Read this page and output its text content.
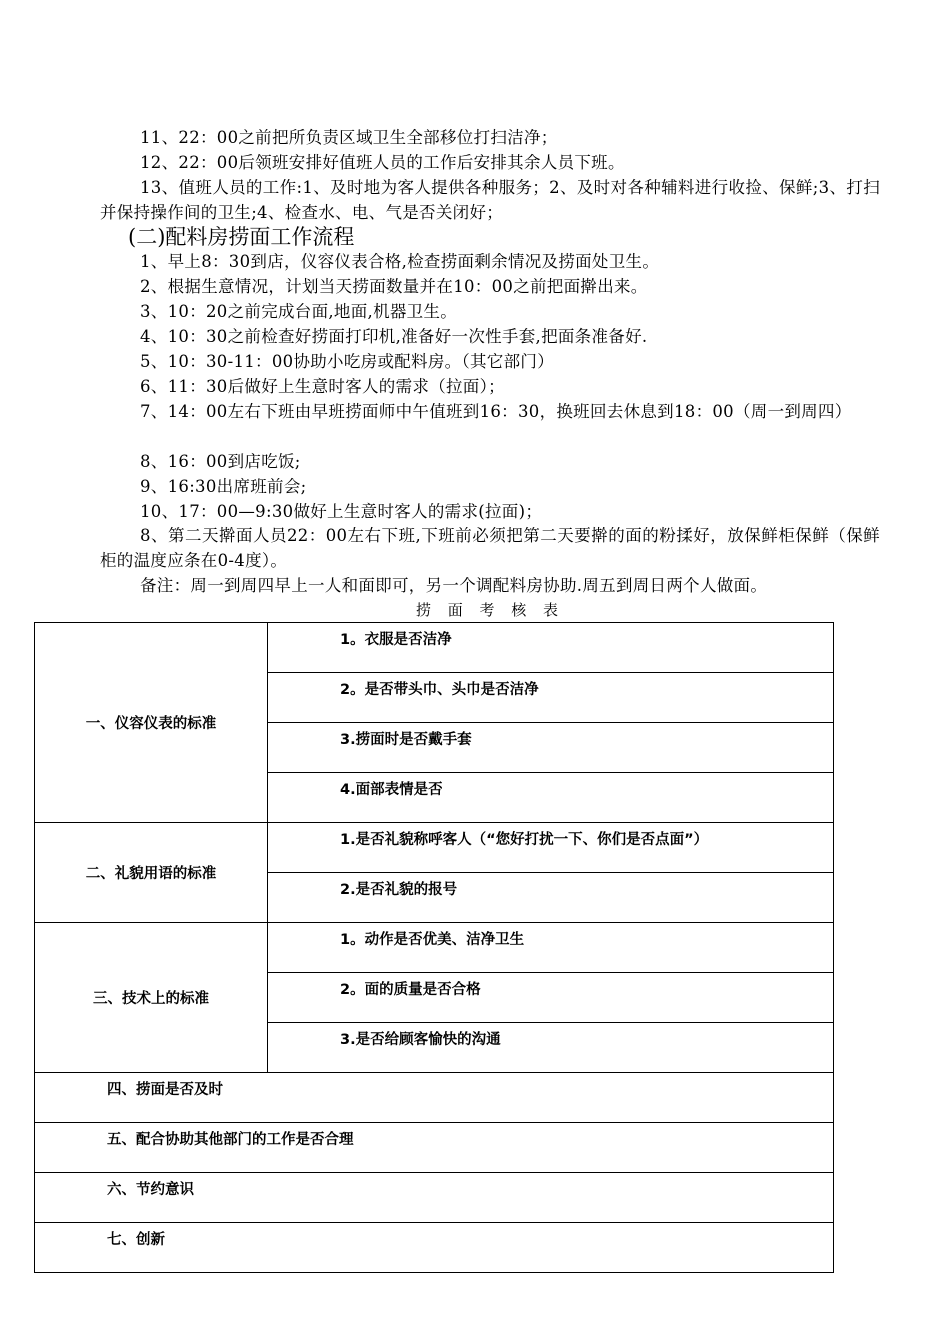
11、22：00之前把所负责区域卫生全部移位打扫洁净；

12、22：00后领班安排好值班人员的工作后安排其余人员下班。

13、值班人员的工作:1、及时地为客人提供各种服务；2、及时对各种辅料进行收捡、保鲜;3、打扫并保持操作间的卫生;4、检查水、电、气是否关闭好；

(二)配料房捞面工作流程

1、早上8：30到店，仪容仪表合格,检查捞面剩余情况及捞面处卫生。

2、根据生意情况，计划当天捞面数量并在10：00之前把面擀出来。

3、10：20之前完成台面,地面,机器卫生。

4、10：30之前检查好捞面打印机,准备好一次性手套,把面条准备好.

5、10：30-11：00协助小吃房或配料房。（其它部门）

6、11：30后做好上生意时客人的需求（拉面）；

7、14：00左右下班由早班捞面师中午值班到16：30，换班回去休息到18：00（周一到周四）

8、16：00到店吃饭;

9、16:30出席班前会;

10、17：00—9:30做好上生意时客人的需求(拉面)；

8、第二天擀面人员22：00左右下班,下班前必须把第二天要擀的面的粉揉好，放保鲜柜保鲜（保鲜柜的温度应条在0-4度）。

备注：周一到周四早上一人和面即可，另一个调配料房协助.周五到周日两个人做面。

捞 面 考 核 表
一、仪容仪表的标准	1。衣服是否洁净
	2。是否带头巾、头巾是否洁净
	3.捞面时是否戴手套
	4.面部表情是否
二、礼貌用语的标准	1.是否礼貌称呼客人（“您好打扰一下、你们是否点面”）
	2.是否礼貌的报号
三、技术上的标准	1。动作是否优美、洁净卫生
	2。面的质量是否合格
	3.是否给顾客愉快的沟通
四、捞面是否及时	
五、配合协助其他部门的工作是否合理	
六、节约意识	
七、创新	
